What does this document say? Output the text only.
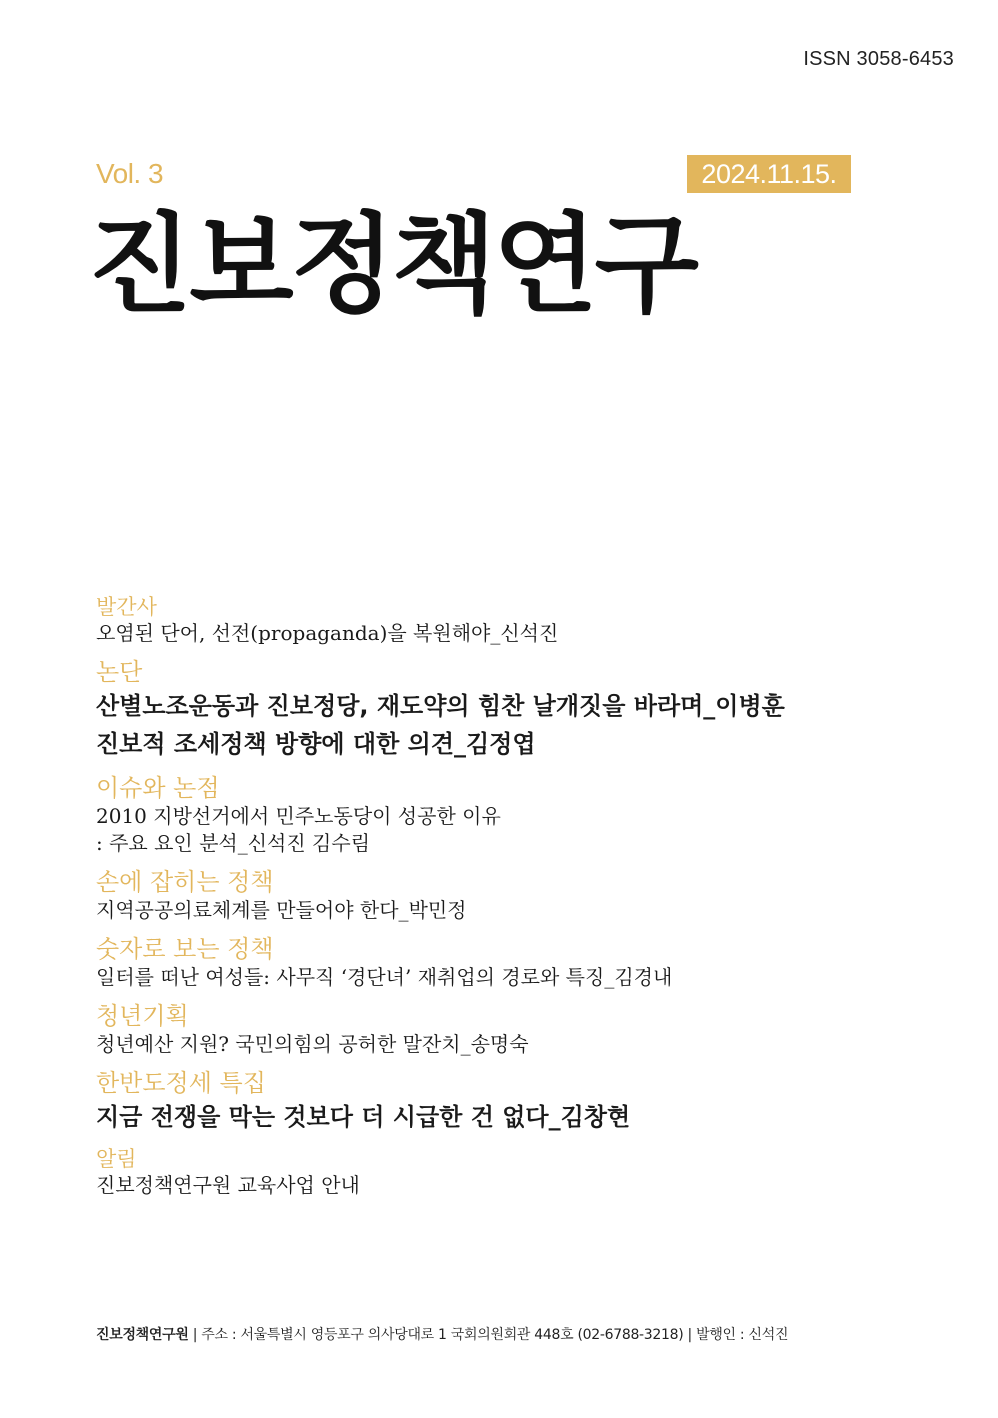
ISSN 3058-6453
Vol. 3	2024.11.15.
진보정책연구

발간사

오염된 단어, 선전(propaganda)을 복원해야_신석진

논단

산별노조운동과 진보정당, 재도약의 힘찬 날개짓을 바라며_이병훈

진보적 조세정책 방향에 대한 의견_김정엽

이슈와 논점

2010 지방선거에서 민주노동당이 성공한 이유

: 주요 요인 분석_신석진 김수림

손에 잡히는 정책

지역공공의료체계를 만들어야 한다_박민정

숫자로 보는 정책

일터를 떠난 여성들: 사무직 ‘경단녀’ 재취업의 경로와 특징_김경내

청년기획

청년예산 지원? 국민의힘의 공허한 말잔치_송명숙

한반도정세 특집

지금 전쟁을 막는 것보다 더 시급한 건 없다_김창현

알림

진보정책연구원 교육사업 안내

진보정책연구원 | 주소 : 서울특별시 영등포구 의사당대로 1 국회의원회관 448호 (02-6788-3218) | 발행인 : 신석진
